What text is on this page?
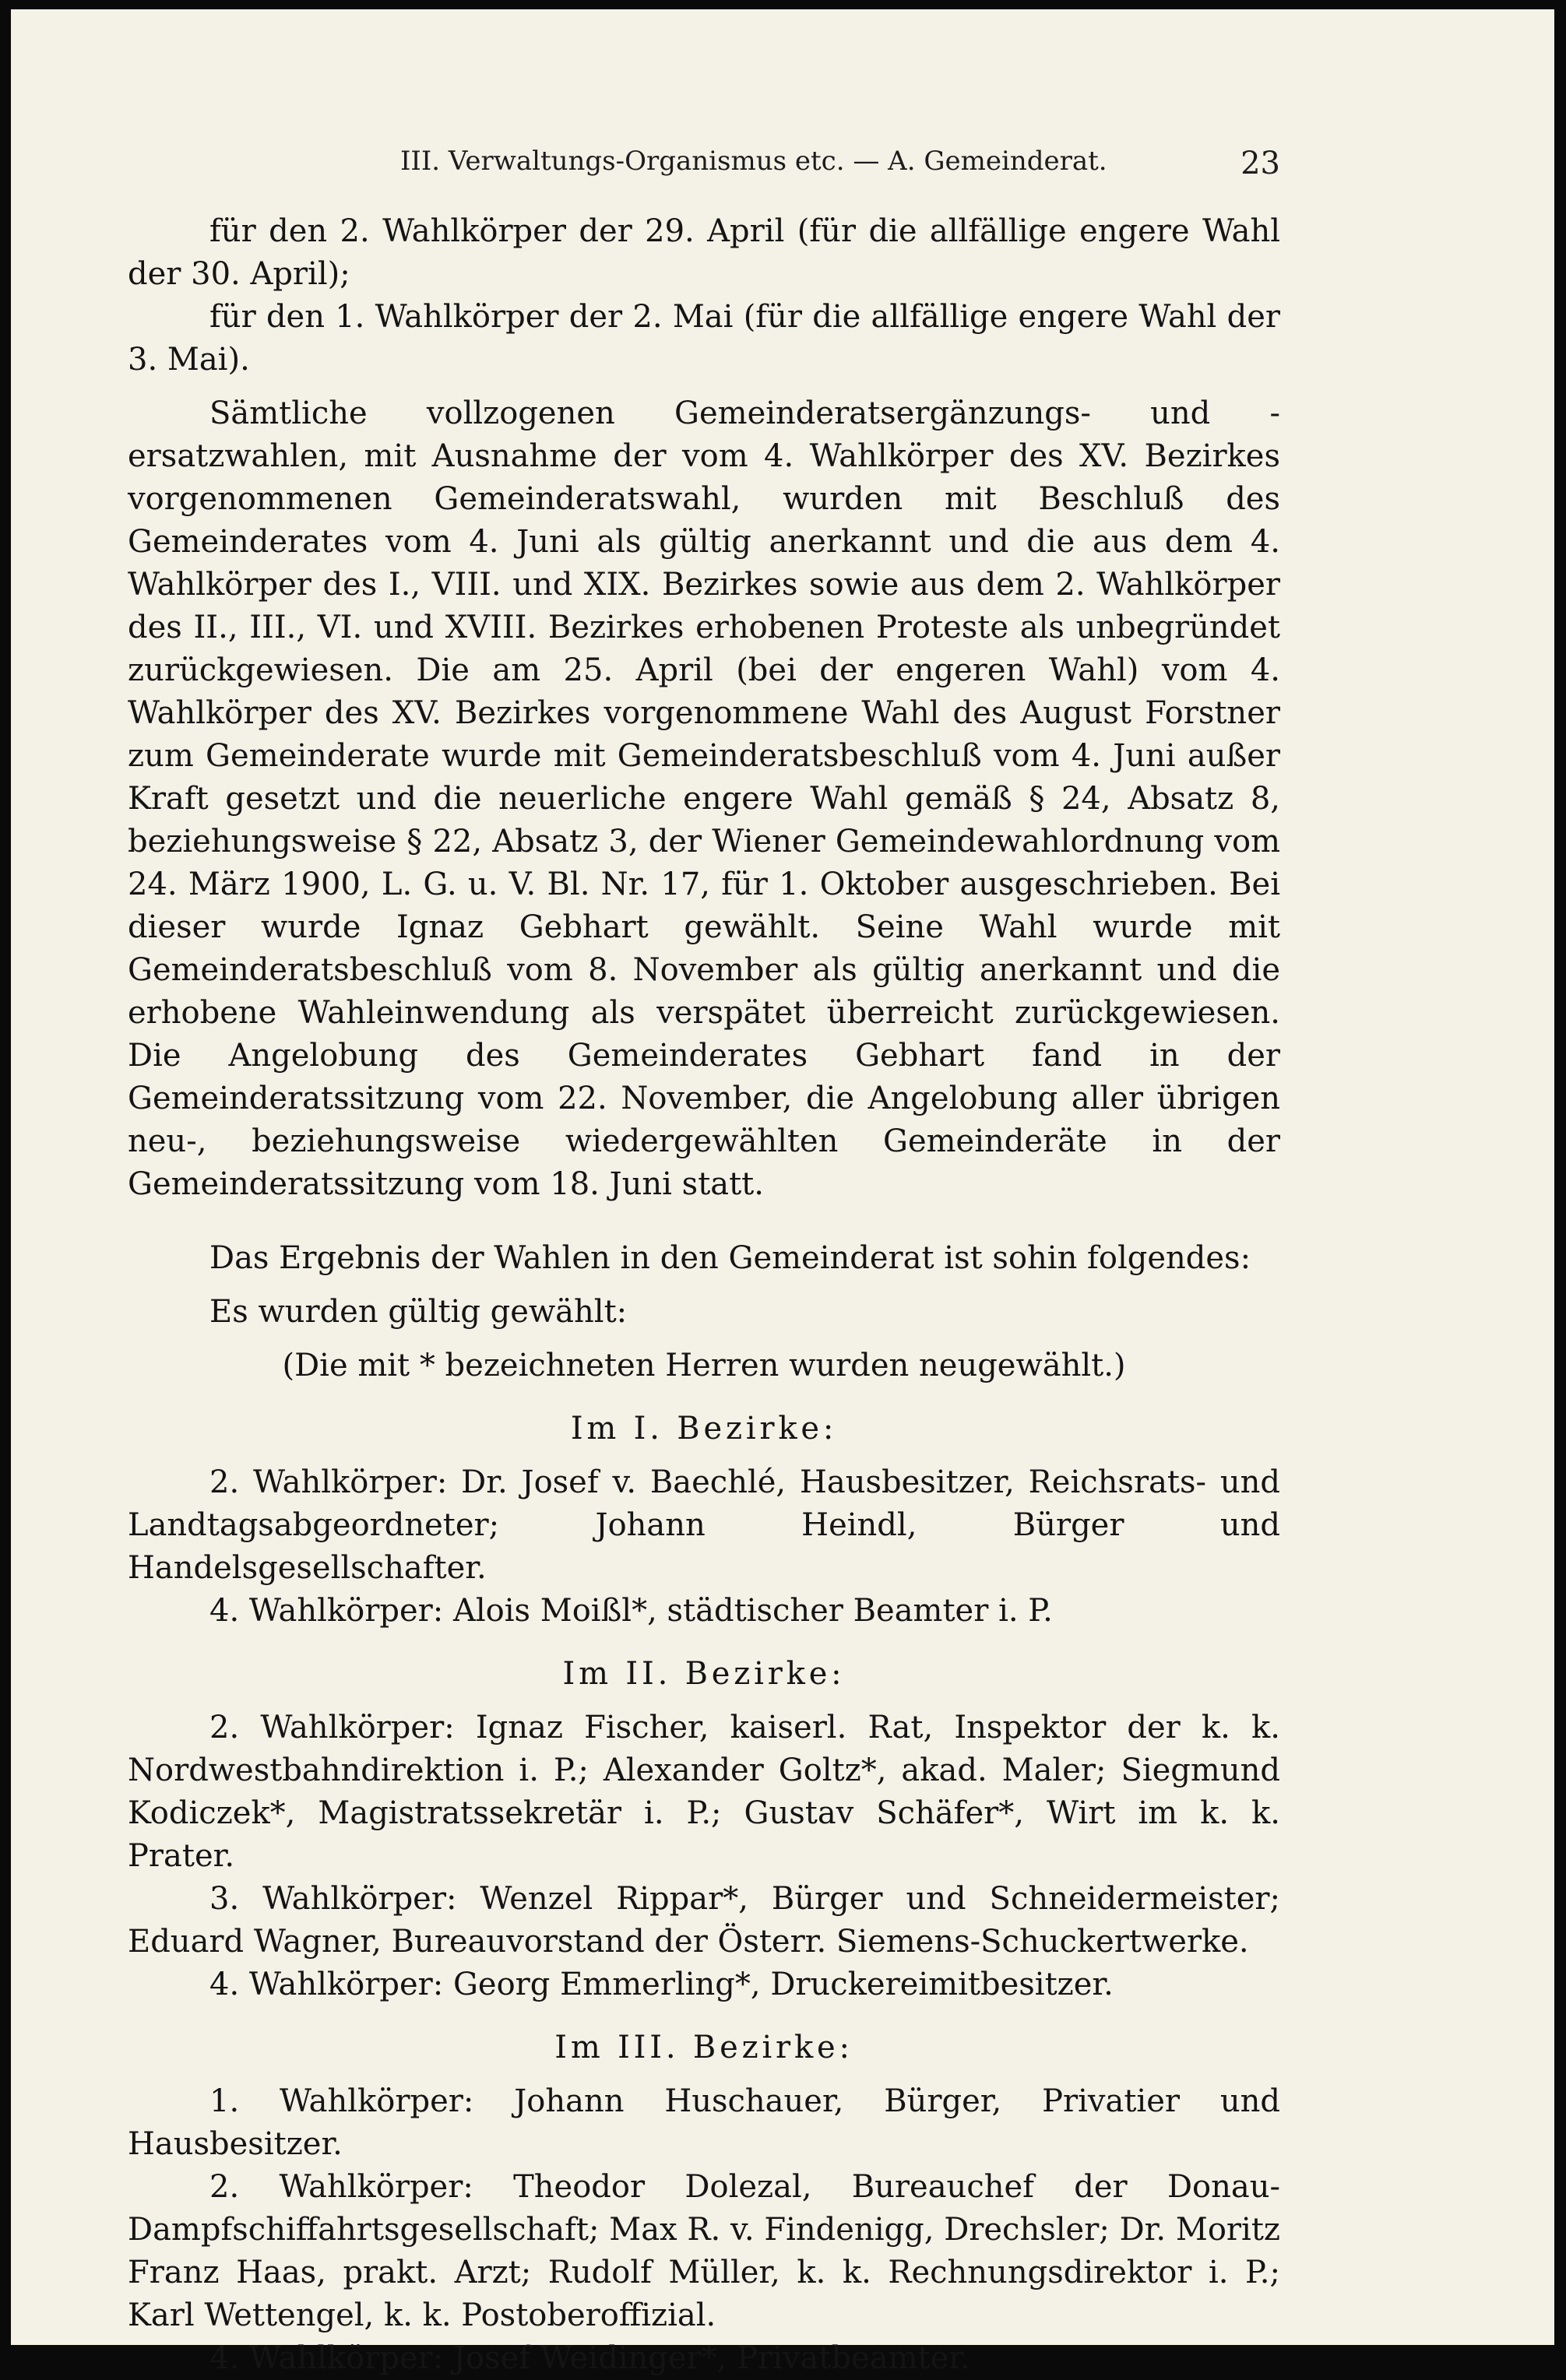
III. Verwaltungs-Organismus etc. — A. Gemeinderat.	23

für den 2. Wahlkörper der 29. April (für die allfällige engere Wahl der 30. April);

für den 1. Wahlkörper der 2. Mai (für die allfällige engere Wahl der 3. Mai).

Sämtliche vollzogenen Gemeinderatsergänzungs- und -ersatzwahlen, mit Ausnahme der vom 4. Wahlkörper des XV. Bezirkes vorgenommenen Gemeinderatswahl, wurden mit Beschluß des Gemeinderates vom 4. Juni als gültig anerkannt und die aus dem 4. Wahlkörper des I., VIII. und XIX. Bezirkes sowie aus dem 2. Wahlkörper des II., III., VI. und XVIII. Bezirkes erhobenen Proteste als unbegründet zurückgewiesen. Die am 25. April (bei der engeren Wahl) vom 4. Wahlkörper des XV. Bezirkes vorgenommene Wahl des August Forstner zum Gemeinderate wurde mit Gemeinderatsbeschluß vom 4. Juni außer Kraft gesetzt und die neuerliche engere Wahl gemäß § 24, Absatz 8, beziehungsweise § 22, Absatz 3, der Wiener Gemeindewahlordnung vom 24. März 1900, L. G. u. V. Bl. Nr. 17, für 1. Oktober ausgeschrieben. Bei dieser wurde Ignaz Gebhart gewählt. Seine Wahl wurde mit Gemeinderatsbeschluß vom 8. November als gültig anerkannt und die erhobene Wahleinwendung als verspätet überreicht zurückgewiesen. Die Angelobung des Gemeinderates Gebhart fand in der Gemeinderatssitzung vom 22. November, die Angelobung aller übrigen neu-, beziehungsweise wiedergewählten Gemeinderäte in der Gemeinderatssitzung vom 18. Juni statt.

Das Ergebnis der Wahlen in den Gemeinderat ist sohin folgendes:

Es wurden gültig gewählt:

(Die mit * bezeichneten Herren wurden neugewählt.)

Im I. Bezirke:

2. Wahlkörper: Dr. Josef v. Baechlé, Hausbesitzer, Reichsrats- und Landtagsabgeordneter; Johann Heindl, Bürger und Handelsgesellschafter.

4. Wahlkörper: Alois Moißl*, städtischer Beamter i. P.

Im II. Bezirke:

2. Wahlkörper: Ignaz Fischer, kaiserl. Rat, Inspektor der k. k. Nordwestbahndirektion i. P.; Alexander Goltz*, akad. Maler; Siegmund Kodiczek*, Magistratssekretär i. P.; Gustav Schäfer*, Wirt im k. k. Prater.

3. Wahlkörper: Wenzel Rippar*, Bürger und Schneidermeister; Eduard Wagner, Bureauvorstand der Österr. Siemens-Schuckertwerke.

4. Wahlkörper: Georg Emmerling*, Druckereimitbesitzer.

Im III. Bezirke:

1. Wahlkörper: Johann Huschauer, Bürger, Privatier und Hausbesitzer.

2. Wahlkörper: Theodor Dolezal, Bureauchef der Donau-Dampfschiffahrtsgesellschaft; Max R. v. Findenigg, Drechsler; Dr. Moritz Franz Haas, prakt. Arzt; Rudolf Müller, k. k. Rechnungsdirektor i. P.; Karl Wettengel, k. k. Postoberoffizial.

4. Wahlkörper: Josef Weidinger*, Privatbeamter.
